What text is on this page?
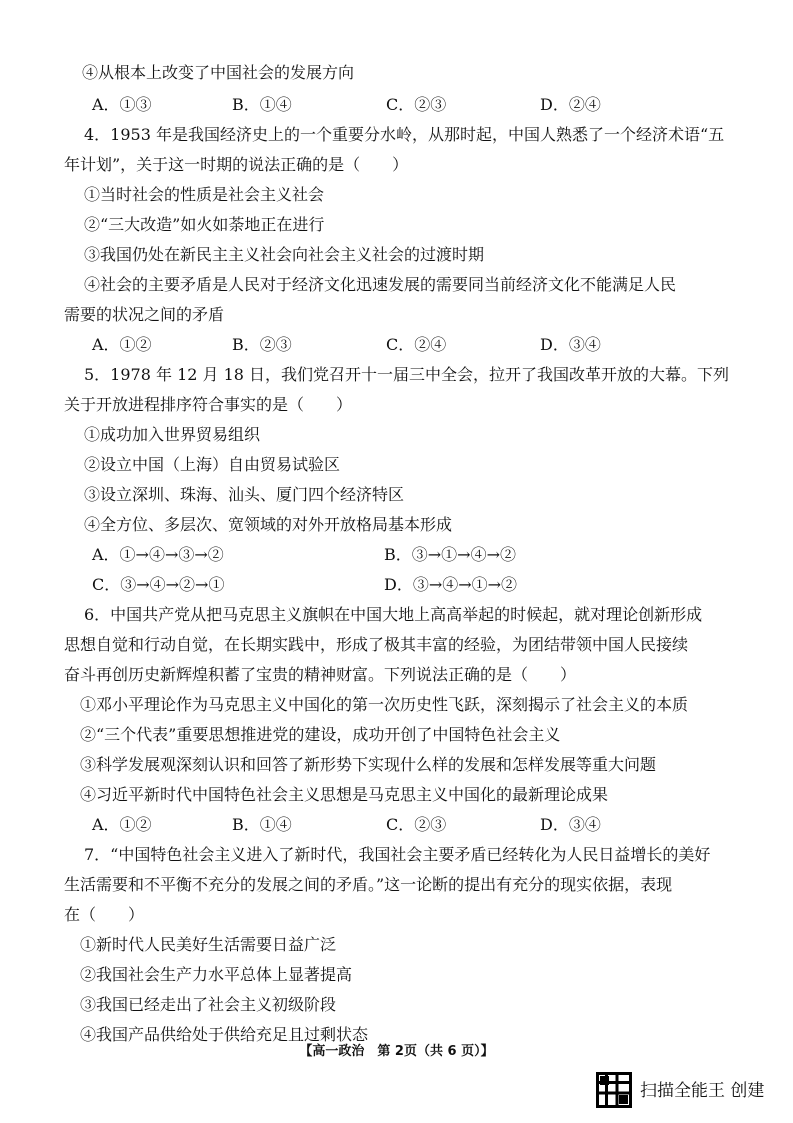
④从根本上改变了中国社会的发展方向
A．①③	B．①④	C．②③	D．②④
4．1953 年是我国经济史上的一个重要分水岭，从那时起，中国人熟悉了一个经济术语“五
年计划”，关于这一时期的说法正确的是（　　）
①当时社会的性质是社会主义社会
②“三大改造”如火如荼地正在进行
③我国仍处在新民主主义社会向社会主义社会的过渡时期
④社会的主要矛盾是人民对于经济文化迅速发展的需要同当前经济文化不能满足人民
需要的状况之间的矛盾
A．①②	B．②③	C．②④	D．③④
5．1978 年 12 月 18 日，我们党召开十一届三中全会，拉开了我国改革开放的大幕。下列
关于开放进程排序符合事实的是（　　）
①成功加入世界贸易组织
②设立中国（上海）自由贸易试验区
③设立深圳、珠海、汕头、厦门四个经济特区
④全方位、多层次、宽领域的对外开放格局基本形成
A．①→④→③→②	B．③→①→④→②
C．③→④→②→①	D．③→④→①→②
6．中国共产党从把马克思主义旗帜在中国大地上高高举起的时候起，就对理论创新形成
思想自觉和行动自觉，在长期实践中，形成了极其丰富的经验，为团结带领中国人民接续
奋斗再创历史新辉煌积蓄了宝贵的精神财富。下列说法正确的是（　　）
①邓小平理论作为马克思主义中国化的第一次历史性飞跃，深刻揭示了社会主义的本质
②“三个代表”重要思想推进党的建设，成功开创了中国特色社会主义
③科学发展观深刻认识和回答了新形势下实现什么样的发展和怎样发展等重大问题
④习近平新时代中国特色社会主义思想是马克思主义中国化的最新理论成果
A．①②	B．①④	C．②③	D．③④
7．“中国特色社会主义进入了新时代，我国社会主要矛盾已经转化为人民日益增长的美好
生活需要和不平衡不充分的发展之间的矛盾。”这一论断的提出有充分的现实依据，表现
在（　　）
①新时代人民美好生活需要日益广泛
②我国社会生产力水平总体上显著提高
③我国已经走出了社会主义初级阶段
④我国产品供给处于供给充足且过剩状态
【高一政治　第 2页（共 6 页）】
扫描全能王 创建
